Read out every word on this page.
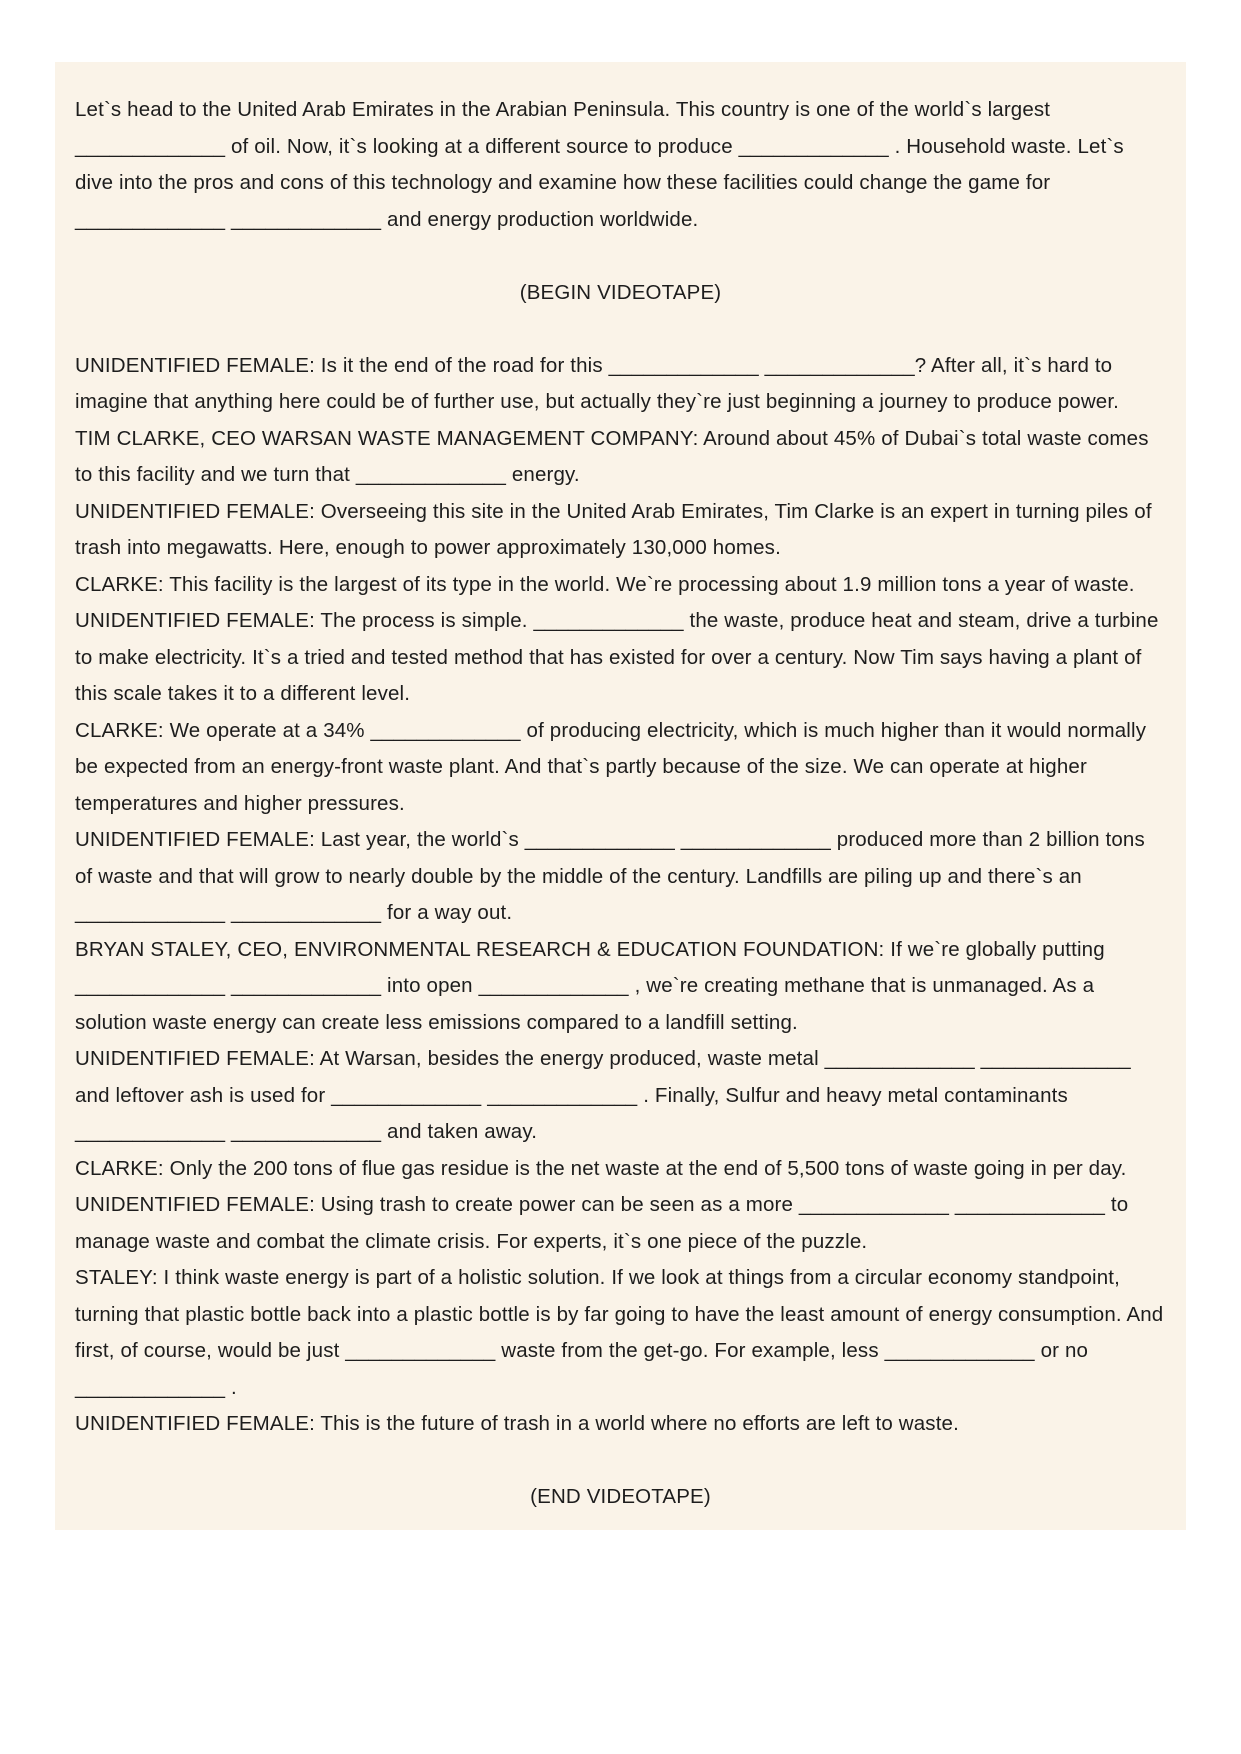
Let`s head to the United Arab Emirates in the Arabian Peninsula. This country is one of the world`s largest _____________ of oil. Now, it`s looking at a different source to produce _____________ . Household waste. Let`s dive into the pros and cons of this technology and examine how these facilities could change the game for _____________ _____________ and energy production worldwide.

(BEGIN VIDEOTAPE)

UNIDENTIFIED FEMALE: Is it the end of the road for this _____________ _____________? After all, it`s hard to imagine that anything here could be of further use, but actually they`re just beginning a journey to produce power.

TIM CLARKE, CEO WARSAN WASTE MANAGEMENT COMPANY: Around about 45% of Dubai`s total waste comes to this facility and we turn that _____________ energy.

UNIDENTIFIED FEMALE: Overseeing this site in the United Arab Emirates, Tim Clarke is an expert in turning piles of trash into megawatts. Here, enough to power approximately 130,000 homes.

CLARKE: This facility is the largest of its type in the world. We`re processing about 1.9 million tons a year of waste.

UNIDENTIFIED FEMALE: The process is simple. _____________ the waste, produce heat and steam, drive a turbine to make electricity. It`s a tried and tested method that has existed for over a century. Now Tim says having a plant of this scale takes it to a different level.

CLARKE: We operate at a 34% _____________ of producing electricity, which is much higher than it would normally be expected from an energy-front waste plant. And that`s partly because of the size. We can operate at higher temperatures and higher pressures.

UNIDENTIFIED FEMALE: Last year, the world`s _____________ _____________ produced more than 2 billion tons of waste and that will grow to nearly double by the middle of the century. Landfills are piling up and there`s an _____________ _____________ for a way out.

BRYAN STALEY, CEO, ENVIRONMENTAL RESEARCH & EDUCATION FOUNDATION: If we`re globally putting _____________ _____________ into open _____________ , we`re creating methane that is unmanaged. As a solution waste energy can create less emissions compared to a landfill setting.

UNIDENTIFIED FEMALE: At Warsan, besides the energy produced, waste metal _____________ _____________ and leftover ash is used for _____________ _____________ . Finally, Sulfur and heavy metal contaminants _____________ _____________ and taken away.

CLARKE: Only the 200 tons of flue gas residue is the net waste at the end of 5,500 tons of waste going in per day.

UNIDENTIFIED FEMALE: Using trash to create power can be seen as a more _____________ _____________ to manage waste and combat the climate crisis. For experts, it`s one piece of the puzzle.

STALEY: I think waste energy is part of a holistic solution. If we look at things from a circular economy standpoint, turning that plastic bottle back into a plastic bottle is by far going to have the least amount of energy consumption. And first, of course, would be just _____________ waste from the get-go. For example, less _____________ or no _____________ .

UNIDENTIFIED FEMALE: This is the future of trash in a world where no efforts are left to waste.

(END VIDEOTAPE)
